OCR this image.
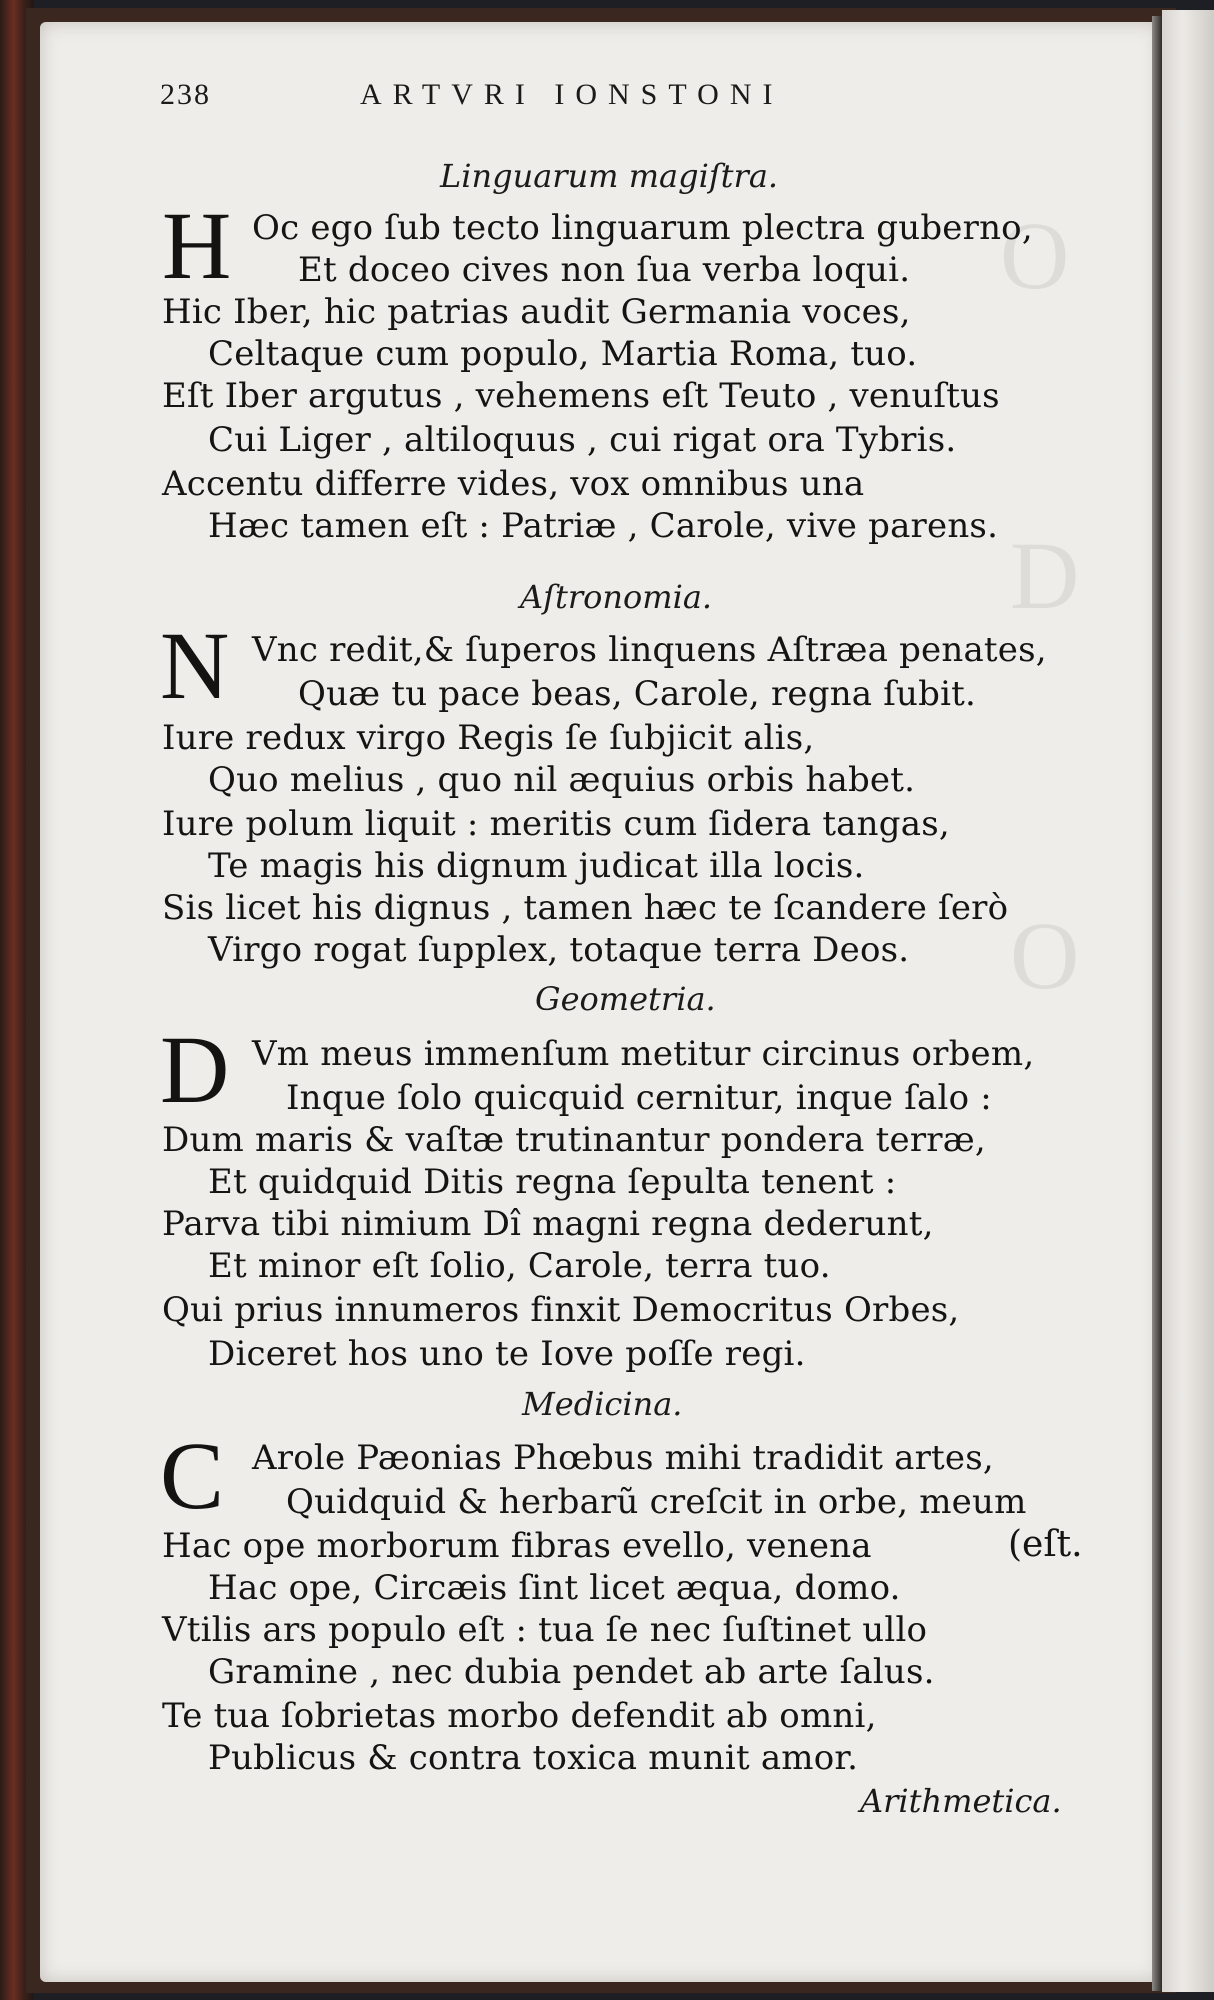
O
D
O
238	ARTVRI IONSTONI
Linguarum magiſtra.
H Oc ego ſub tecto linguarum plectra guberno,
Et doceo cives non ſua verba loqui.
Hic Iber, hic patrias audit Germania voces,
Celtaque cum populo, Martia Roma, tuo.
Eſt Iber argutus , vehemens eſt Teuto , venuſtus
Cui Liger , altiloquus , cui rigat ora Tybris.
Accentu differre vides, vox omnibus una
Hæc tamen eſt : Patriæ , Carole, vive parens.
Aſtronomia.
N Vnc redit,& ſuperos linquens Aſtræa penates,
Quæ tu pace beas, Carole, regna ſubit.
Iure redux virgo Regis ſe ſubjicit alis,
Quo melius , quo nil æquius orbis habet.
Iure polum liquit : meritis cum ſidera tangas,
Te magis his dignum judicat illa locis.
Sis licet his dignus , tamen hæc te ſcandere ſerò
Virgo rogat ſupplex, totaque terra Deos.
Geometria.
D Vm meus immenſum metitur circinus orbem,
Inque ſolo quicquid cernitur, inque ſalo :
Dum maris & vaſtæ trutinantur pondera terræ,
Et quidquid Ditis regna ſepulta tenent :
Parva tibi nimium Dî magni regna dederunt,
Et minor eſt ſolio, Carole, terra tuo.
Qui prius innumeros finxit Democritus Orbes,
Diceret hos uno te Iove poſſe regi.
Medicina.
C Arole Pæonias Phœbus mihi tradidit artes,
Quidquid & herbarũ creſcit in orbe, meum
Hac ope morborum fibras evello, venena	(eſt.
Hac ope, Circæis ſint licet æqua, domo.
Vtilis ars populo eſt : tua ſe nec ſuſtinet ullo
Gramine , nec dubia pendet ab arte ſalus.
Te tua ſobrietas morbo defendit ab omni,
Publicus & contra toxica munit amor.
Arithmetica.
